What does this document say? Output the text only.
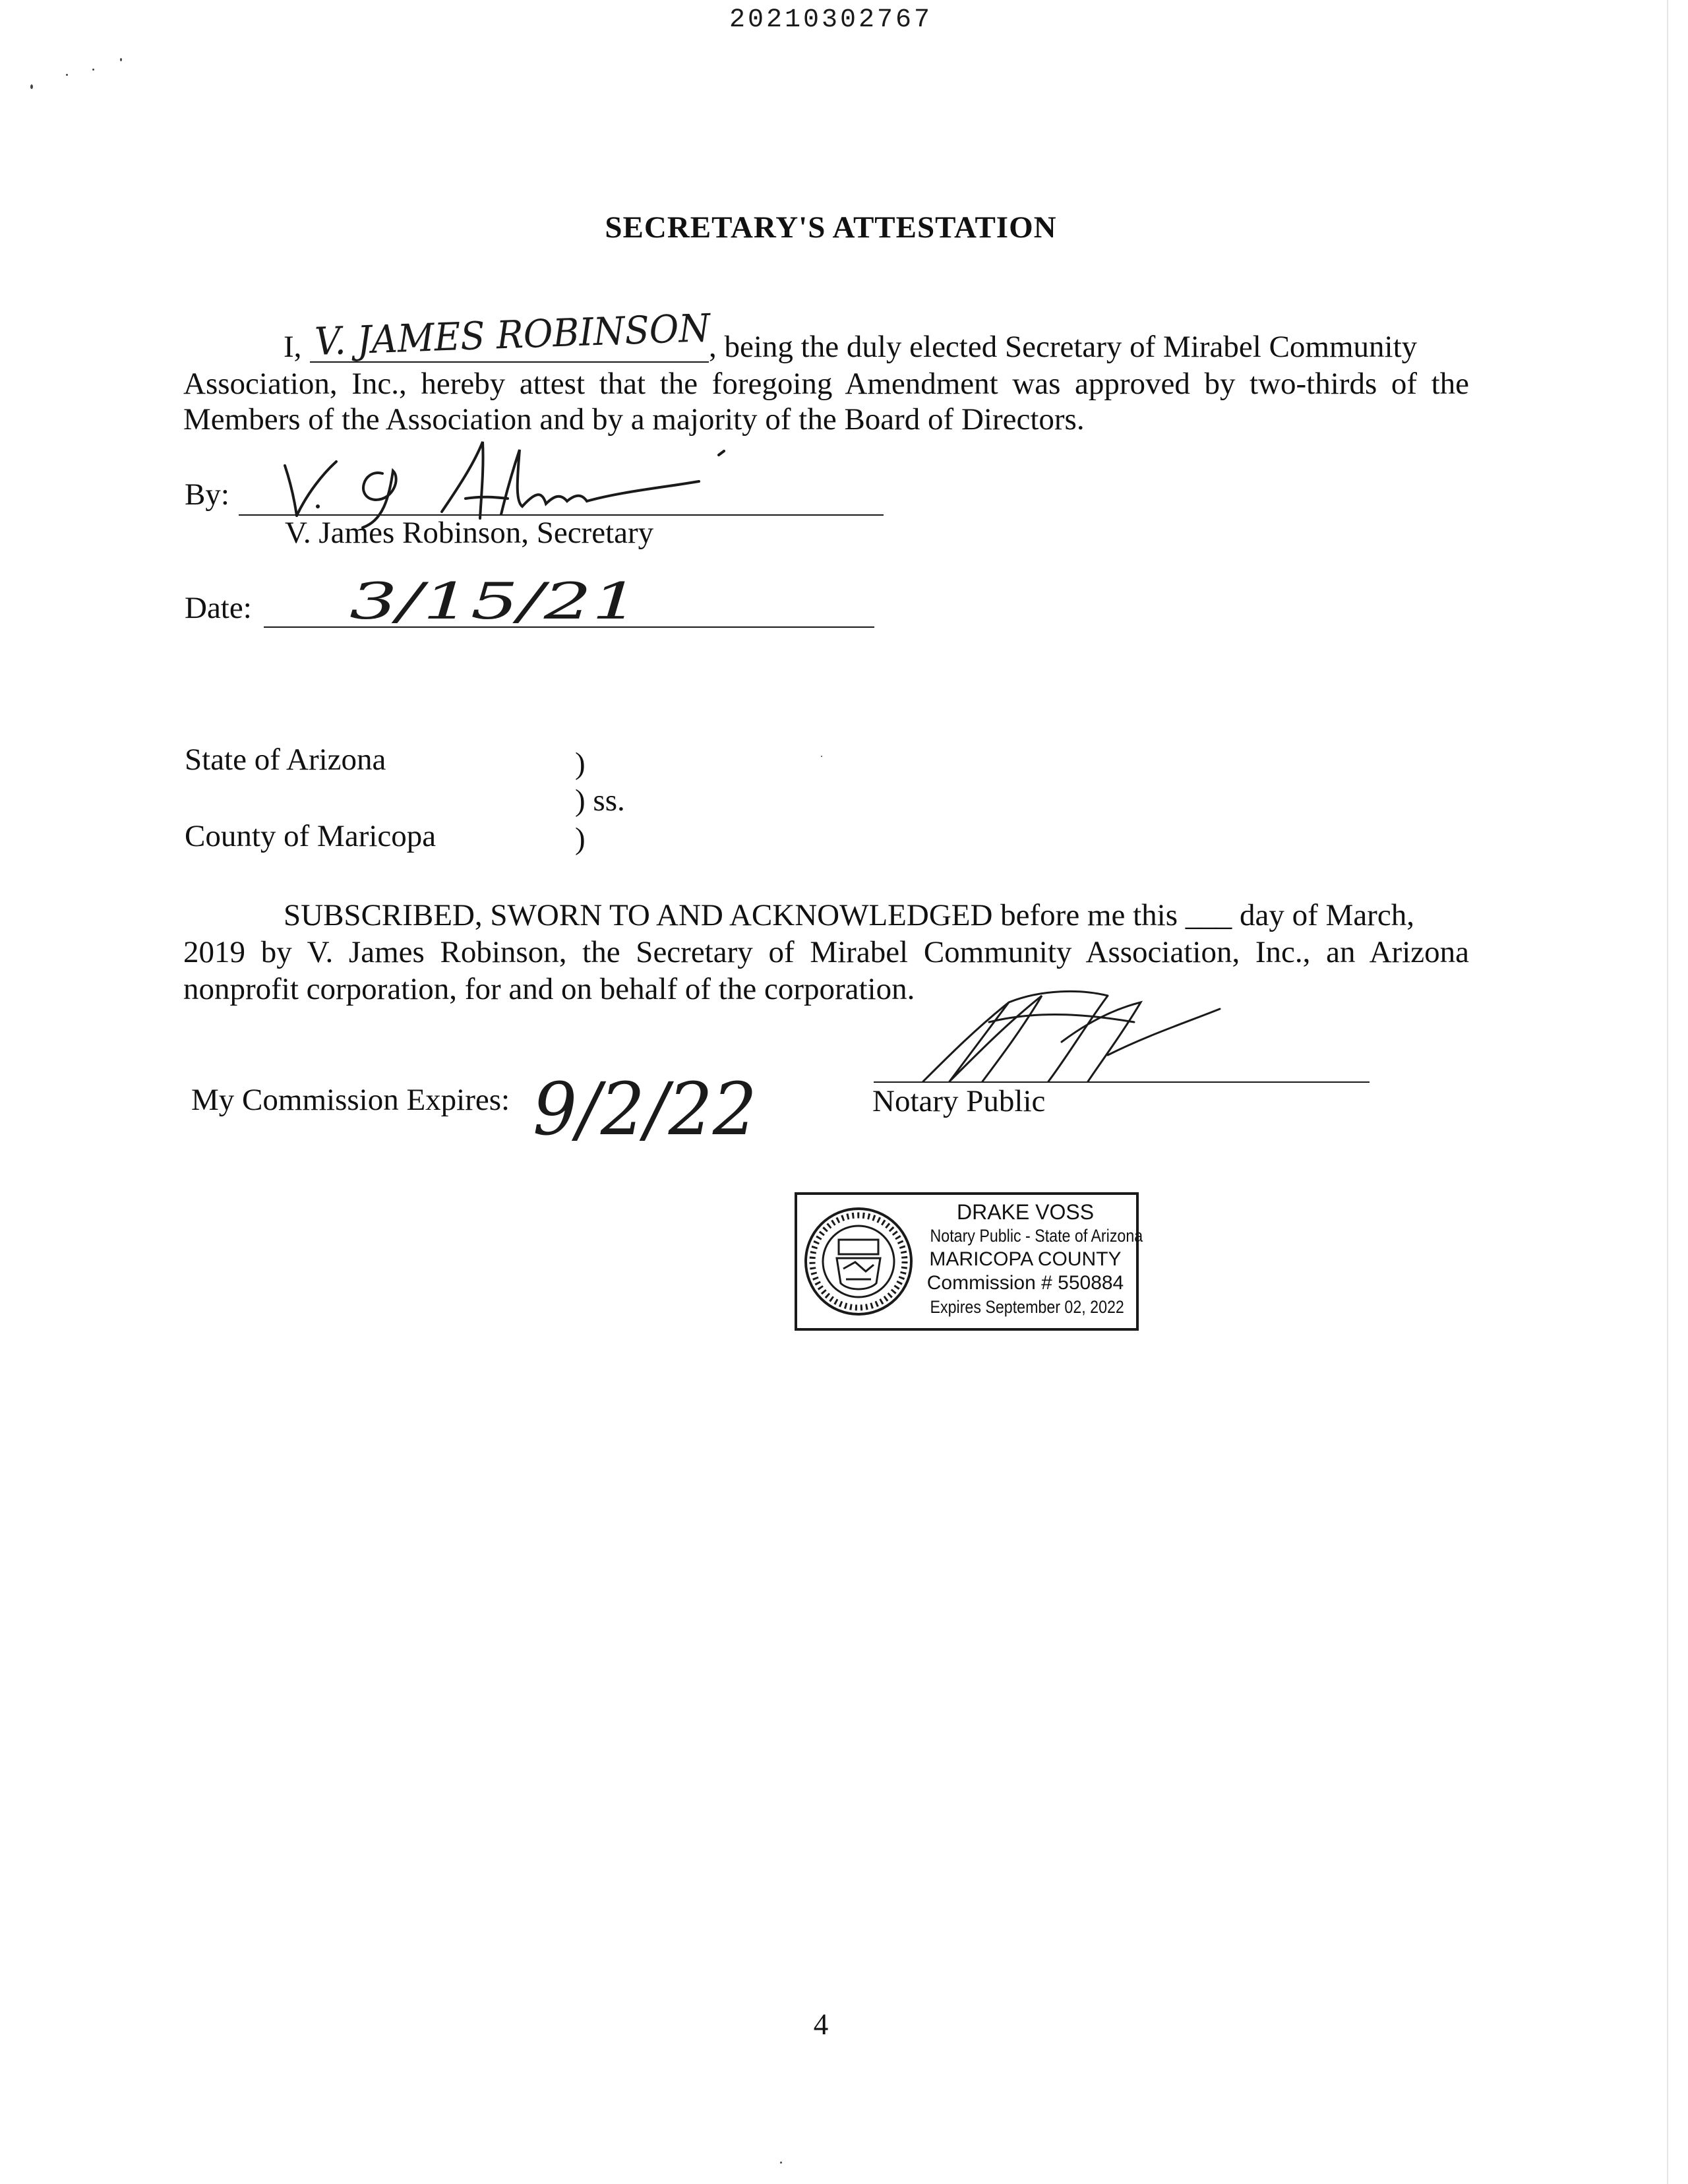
20210302767
SECRETARY'S ATTESTATION
I, V. JAMES ROBINSON
, being the duly elected Secretary of Mirabel Community
Association, Inc., hereby attest that the foregoing Amendment was approved by two-thirds of the
Members of the Association and by a majority of the Board of Directors.
By:
V. James Robinson, Secretary
Date: 3/15/21
State of Arizona	)
) ss.
County of Maricopa	)
SUBSCRIBED, SWORN TO AND ACKNOWLEDGED before me this ___ day of March,
2019 by V. James Robinson, the Secretary of Mirabel Community Association, Inc., an Arizona
nonprofit corporation, for and on behalf of the corporation.
Notary Public
My Commission Expires: 9/2/22
DRAKE VOSS
Notary Public - State of Arizona
MARICOPA COUNTY
Commission # 550884
Expires September 02, 2022
4
